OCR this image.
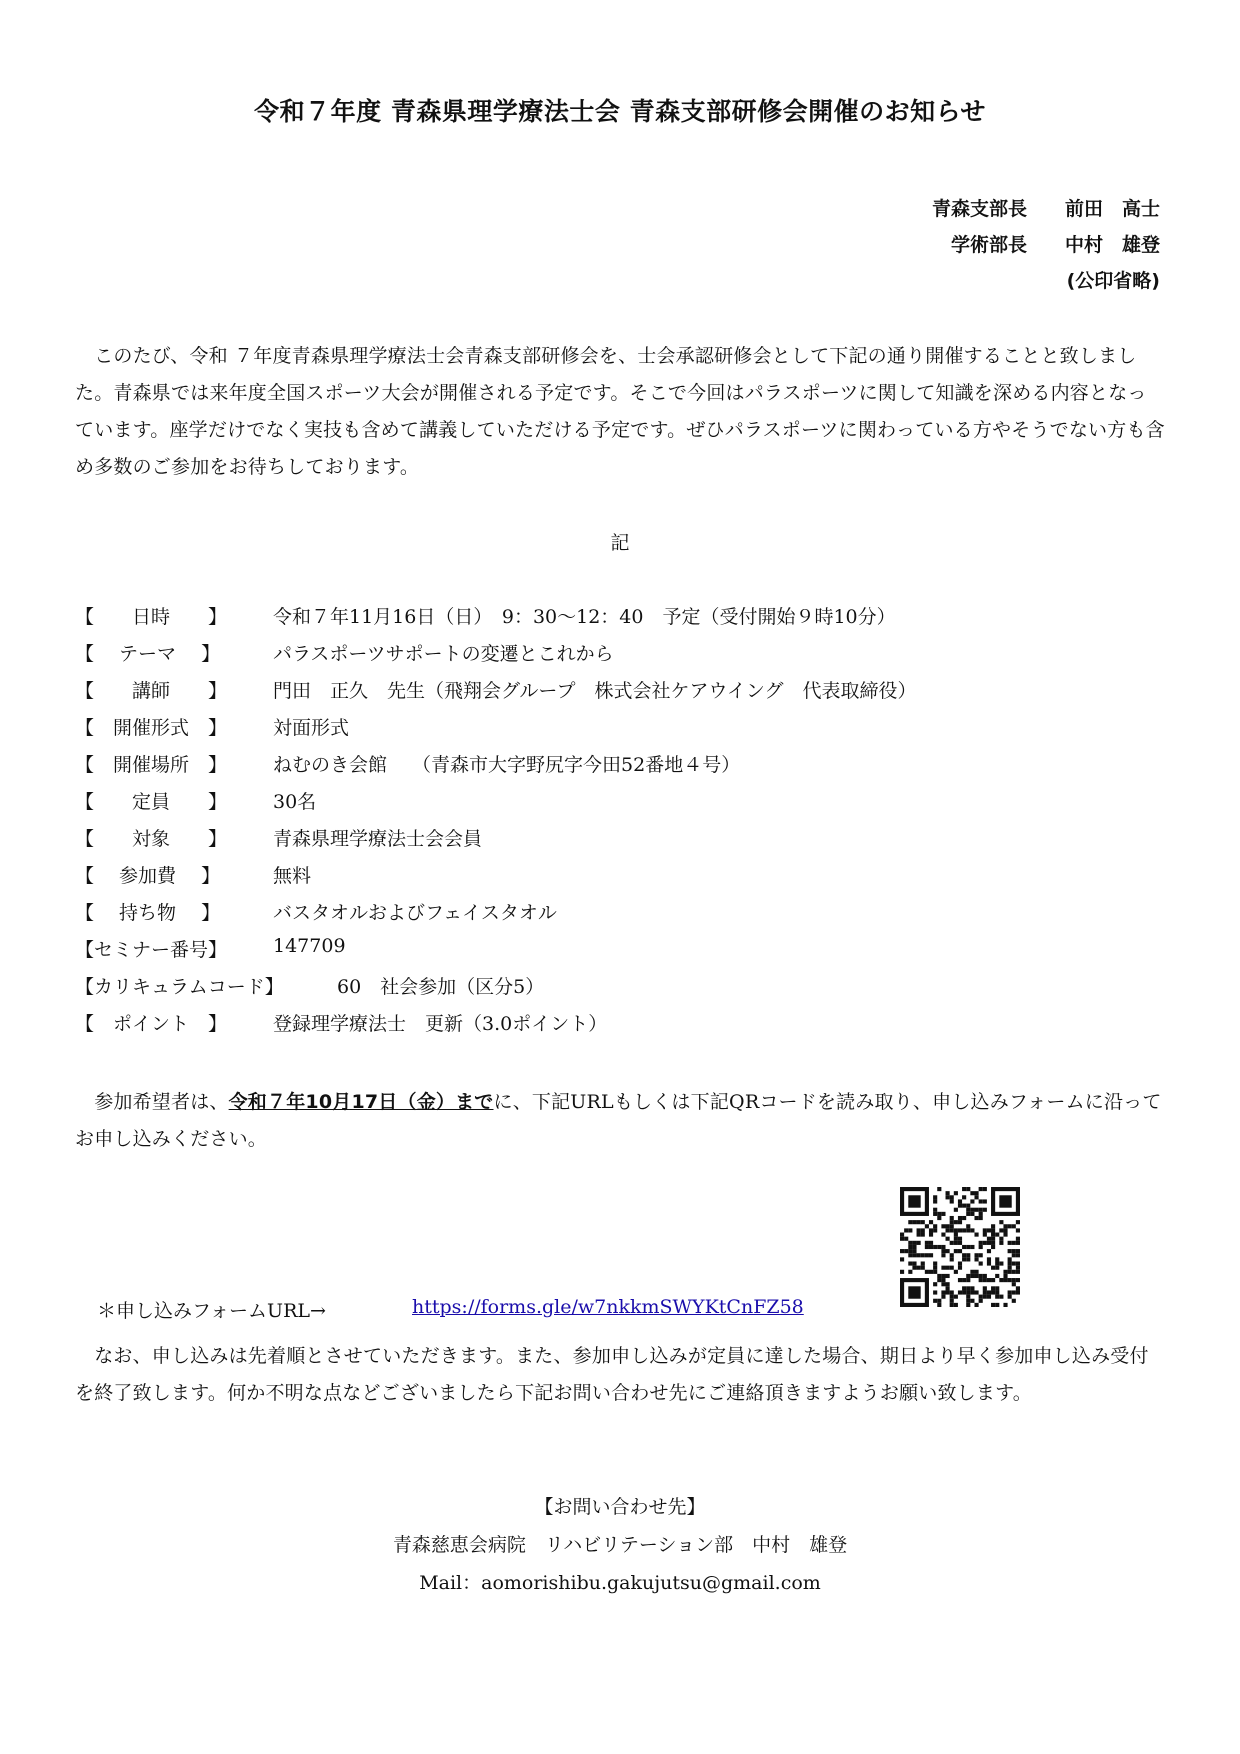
令和７年度 青森県理学療法士会 青森支部研修会開催のお知らせ
青森支部長　　前田　高士
学術部長　　中村　雄登
(公印省略)
　このたび、令和 ７年度青森県理学療法士会青森支部研修会を、士会承認研修会として下記の通り開催することと致しました。青森県では来年度全国スポーツ大会が開催される予定です。そこで今回はパラスポーツに関して知識を深める内容となっています。座学だけでなく実技も含めて講義していただける予定です。ぜひパラスポーツに関わっている方やそうでない方も含め多数のご参加をお待ちしております。
記
【　　日時　　】	令和７年11月16日（日）　9：30〜12：40　予定（受付開始９時10分）
【　 テーマ　 】	パラスポーツサポートの変遷とこれから
【　　講師　　】	門田　正久　先生（飛翔会グループ　株式会社ケアウイング　代表取締役）
【　開催形式　】	対面形式
【　開催場所　】	ねむのき会館　 （青森市大字野尻字今田52番地４号）
【　　定員　　】	30名
【　　対象　　】	青森県理学療法士会会員
【　 参加費　 】	無料
【　 持ち物　 】	バスタオルおよびフェイスタオル
【セミナー番号】	147709
【カリキュラムコード】	60　社会参加（区分5）
【　ポイント　】	登録理学療法士　更新（3.0ポイント）
　参加希望者は、令和７年10月17日（金）までに、下記URLもしくは下記QRコードを読み取り、申し込みフォームに沿ってお申し込みください。
＊申し込みフォームURL→	https://forms.gle/w7nkkmSWYKtCnFZ58
　なお、申し込みは先着順とさせていただきます。また、参加申し込みが定員に達した場合、期日より早く参加申し込み受付を終了致します。何か不明な点などございましたら下記お問い合わせ先にご連絡頂きますようお願い致します。
【お問い合わせ先】
青森慈恵会病院　リハビリテーション部　中村　雄登
Mail：aomorishibu.gakujutsu@gmail.com
